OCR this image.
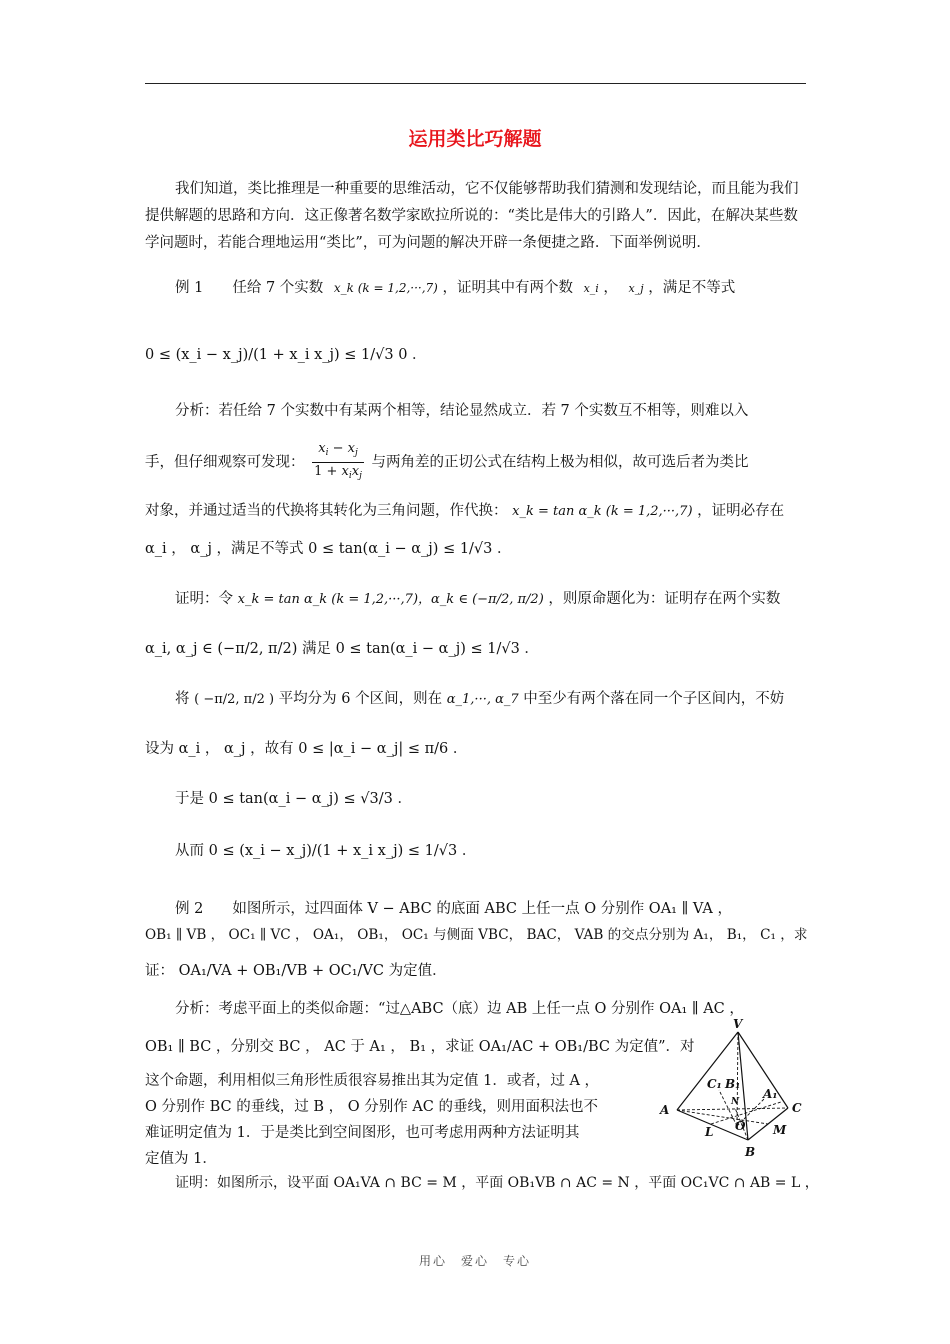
运用类比巧解题
我们知道，类比推理是一种重要的思维活动，它不仅能够帮助我们猜测和发现结论，而且能为我们提供解题的思路和方向．这正像著名数学家欧拉所说的：“类比是伟大的引路人”．因此，在解决某些数学问题时，若能合理地运用“类比”，可为问题的解决开辟一条便捷之路．下面举例说明．
例 1　　任给 7 个实数 x_k (k = 1,2,···,7) ，证明其中有两个数 x_i ， x_j ，满足不等式
0 ≤ (x_i − x_j)/(1 + x_i x_j) ≤ 1/√3 0 ．
分析：若任给 7 个实数中有某两个相等，结论显然成立．若 7 个实数互不相等，则难以入
手，但仔细观察可发现： $\frac{x_i - x_j}{1 + x_ix_j}$ 与两角差的正切公式在结构上极为相似，故可选后者为类比
对象，并通过适当的代换将其转化为三角问题，作代换： x_k = tan α_k (k = 1,2,···,7) ，证明必存在
α_i ， α_j ，满足不等式 0 ≤ tan(α_i − α_j) ≤ 1/√3 ．
证明：令 x_k = tan α_k (k = 1,2,···,7)，α_k ∈ (−π/2, π/2) ，则原命题化为：证明存在两个实数
α_i, α_j ∈ (−π/2, π/2) 满足 0 ≤ tan(α_i − α_j) ≤ 1/√3 ．
将 ( −π/2, π/2 ) 平均分为 6 个区间，则在 α_1,···, α_7 中至少有两个落在同一个子区间内，不妨
设为 α_i ， α_j ，故有 0 ≤ |α_i − α_j| ≤ π/6 ．
于是 0 ≤ tan(α_i − α_j) ≤ √3/3 ．
从而 0 ≤ (x_i − x_j)/(1 + x_i x_j) ≤ 1/√3 ．
例 2　　如图所示，过四面体 V − ABC 的底面 ABC 上任一点 O 分别作 OA₁ ∥ VA ，
OB₁ ∥ VB ， OC₁ ∥ VC ， OA₁， OB₁， OC₁ 与侧面 VBC， BAC， VAB 的交点分别为 A₁， B₁， C₁ ，求
证： OA₁/VA + OB₁/VB + OC₁/VC 为定值．
分析：考虑平面上的类似命题：“过△ABC（底）边 AB 上任一点 O 分别作 OA₁ ∥ AC ，
OB₁ ∥ BC ，分别交 BC ， AC 于 A₁ ， B₁ ，求证 OA₁/AC + OB₁/BC 为定值”．对
这个命题，利用相似三角形性质很容易推出其为定值 1．或者，过 A ，
O 分别作 BC 的垂线，过 B ， O 分别作 AC 的垂线，则用面积法也不
难证明定值为 1．于是类比到空间图形，也可考虑用两种方法证明其
定值为 1．
V
A
B
C
C₁ B₁
A₁
O
L	M
N
证明：如图所示，设平面 OA₁VA ∩ BC = M ，平面 OB₁VB ∩ AC = N ，平面 OC₁VC ∩ AB = L ，
用心　爱心　专心
